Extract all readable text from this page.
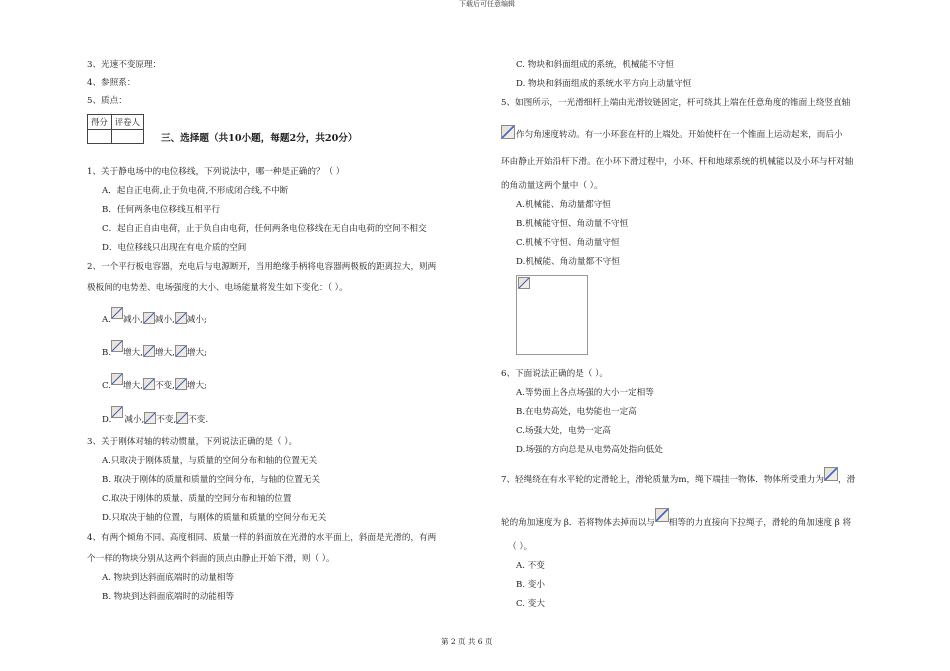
下载后可任意编辑
3、光速不变原理：
4、参照系：
5、质点：
得分	评卷人

三、选择题（共10小题，每题2分，共20分）
1、关于静电场中的电位移线，下列说法中，哪一种是正确的？（ ）
A．起自正电荷,止于负电荷,不形成闭合线,不中断
B．任何两条电位移线互相平行
C．起自正自由电荷，止于负自由电荷，任何两条电位移线在无自由电荷的空间不相交
D．电位移线只出现在有电介质的空间
2、一个平行板电容器，充电后与电源断开，当用绝缘手柄将电容器两极板的距离拉大，则两
极板间的电势差、电场强度的大小、电场能量将发生如下变化：（ ）。
A. 减小, 减小, 减小;
B. 增大, 增大, 增大;
C. 增大, 不变, 增大;
D. 减小, 不变, 不变.
3、关于刚体对轴的转动惯量，下列说法正确的是（ ）。
A.只取决于刚体质量，与质量的空间分布和轴的位置无关
B. 取决于刚体的质量和质量的空间分布，与轴的位置无关
C.取决于刚体的质量、质量的空间分布和轴的位置
D.只取决于轴的位置，与刚体的质量和质量的空间分布无关
4、有两个倾角不同、高度相同、质量一样的斜面放在光滑的水平面上，斜面是光滑的，有两
个一样的物块分别从这两个斜面的顶点由静止开始下滑，则（ ）。
A. 物块到达斜面底端时的动量相等
B. 物块到达斜面底端时的动能相等
C. 物块和斜面组成的系统，机械能不守恒
D. 物块和斜面组成的系统水平方向上动量守恒
5、如图所示，一光滑细杆上端由光滑铰链固定，杆可绕其上端在任意角度的锥面上绕竖直轴
作匀角速度转动。有一小环套在杆的上端处。开始使杆在一个锥面上运动起来，而后小
环由静止开始沿杆下滑。在小环下滑过程中，小环、杆和地球系统的机械能以及小环与杆对轴
的角动量这两个量中（ ）。
A.机械能、角动量都守恒
B.机械能守恒、角动量不守恒
C.机械不守恒、角动量守恒
D.机械能、角动量都不守恒
6、下面说法正确的是（ ）。
A.等势面上各点场强的大小一定相等
B.在电势高处，电势能也一定高
C.场强大处，电势一定高
D.场强的方向总是从电势高处指向低处
7、轻绳绕在有水平轮的定滑轮上，滑轮质量为m，绳下端挂一物体．物体所受重力为 ，滑
轮的角加速度为 β．若将物体去掉而以与 相等的力直接向下拉绳子，滑轮的角加速度 β 将
（ ）。
A. 不变
B. 变小
C. 变大
第 2 页 共 6 页
